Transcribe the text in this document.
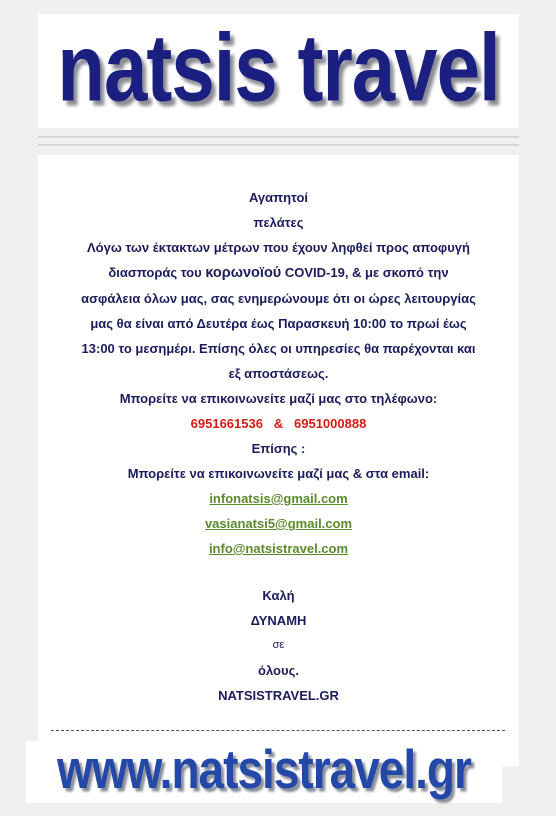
natsis travel
Αγαπητοί
πελάτες
Λόγω των έκτακτων μέτρων που έχουν ληφθεί προς αποφυγή
διασποράς του κορωνοϊού COVID-19, & με σκοπό την
ασφάλεια όλων μας, σας ενημερώνουμε ότι οι ώρες λειτουργίας
μας θα είναι από Δευτέρα έως Παρασκευή 10:00 το πρωί έως
13:00 το μεσημέρι. Επίσης όλες οι υπηρεσίες θα παρέχονται και
εξ αποστάσεως.
Μπορείτε να επικοινωνείτε μαζί μας στο τηλέφωνο:
6951661536   &   6951000888
Επίσης :
Μπορείτε να επικοινωνείτε μαζί μας & στα email:
infonatsis@gmail.com
vasianatsi5@gmail.com
info@natsistravel.com
Καλή
ΔΥΝΑΜΗ
σε
όλους.
NATSISTRAVEL.GR
www.natsistravel.gr
